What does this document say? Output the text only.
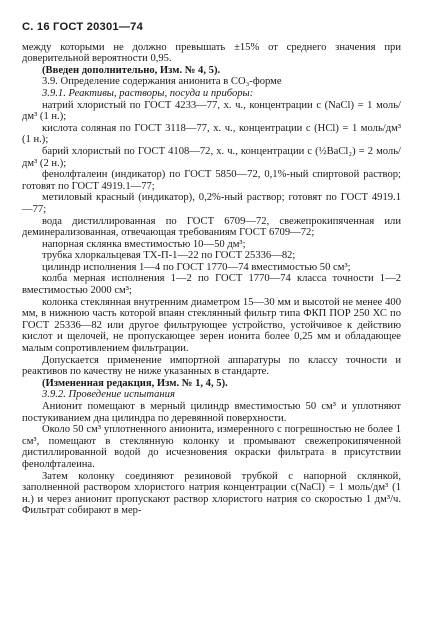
С. 16 ГОСТ 20301—74

между которыми не должно превышать ±15% от среднего значения при доверительной вероятности 0,95.

(Введен дополнительно, Изм. № 4, 5).

3.9. Определение содержания анионита в CO₃-форме

3.9.1. Реактивы, растворы, посуда и приборы:

натрий хлористый по ГОСТ 4233—77, х. ч., концентрации c (NaCl) = 1 моль/дм³ (1 н.);

кислота соляная по ГОСТ 3118—77, х. ч., концентрации c (HCl) = 1 моль/дм³ (1 н.);

барий хлористый по ГОСТ 4108—72, х. ч., концентрации c (½BaCl₂) = 2 моль/дм³ (2 н.);

фенолфталеин (индикатор) по ГОСТ 5850—72, 0,1%-ный спиртовой раствор; готовят по ГОСТ 4919.1—77;

метиловый красный (индикатор), 0,2%-ный раствор; готовят по ГОСТ 4919.1—77;

вода дистиллированная по ГОСТ 6709—72, свежепрокипяченная или деминерализованная, отвечающая требованиям ГОСТ 6709—72;

напорная склянка вместимостью 10—50 дм³;

трубка хлоркальцевая ТХ-П-1—22 по ГОСТ 25336—82;

цилиндр исполнения 1—4 по ГОСТ 1770—74 вместимостью 50 см³;

колба мерная исполнения 1—2 по ГОСТ 1770—74 класса точности 1—2 вместимостью 2000 см³;

колонка стеклянная внутренним диаметром 15—30 мм и высотой не менее 400 мм, в нижнюю часть которой впаян стеклянный фильтр типа ФКП ПОР 250 ХС по ГОСТ 25336—82 или другое фильтрующее устройство, устойчивое к действию кислот и щелочей, не пропускающее зерен ионита более 0,25 мм и обладающее малым сопротивлением фильтрации.

Допускается применение импортной аппаратуры по классу точности и реактивов по качеству не ниже указанных в стандарте.

(Измененная редакция, Изм. № 1, 4, 5).

3.9.2. Проведение испытания

Анионит помещают в мерный цилиндр вместимостью 50 см³ и уплотняют постукиванием дна цилиндра по деревянной поверхности.

Около 50 см³ уплотненного анионита, измеренного с погрешностью не более 1 см³, помещают в стеклянную колонку и промывают свежепрокипяченной дистиллированной водой до исчезновения окраски фильтрата в присутствии фенолфталеина.

Затем колонку соединяют резиновой трубкой с напорной склянкой, заполненной раствором хлористого натрия концентрации c(NaCl) = 1 моль/дм³ (1 н.) и через анионит пропускают раствор хлористого натрия со скоростью 1 дм³/ч. Фильтрат собирают в мер-
